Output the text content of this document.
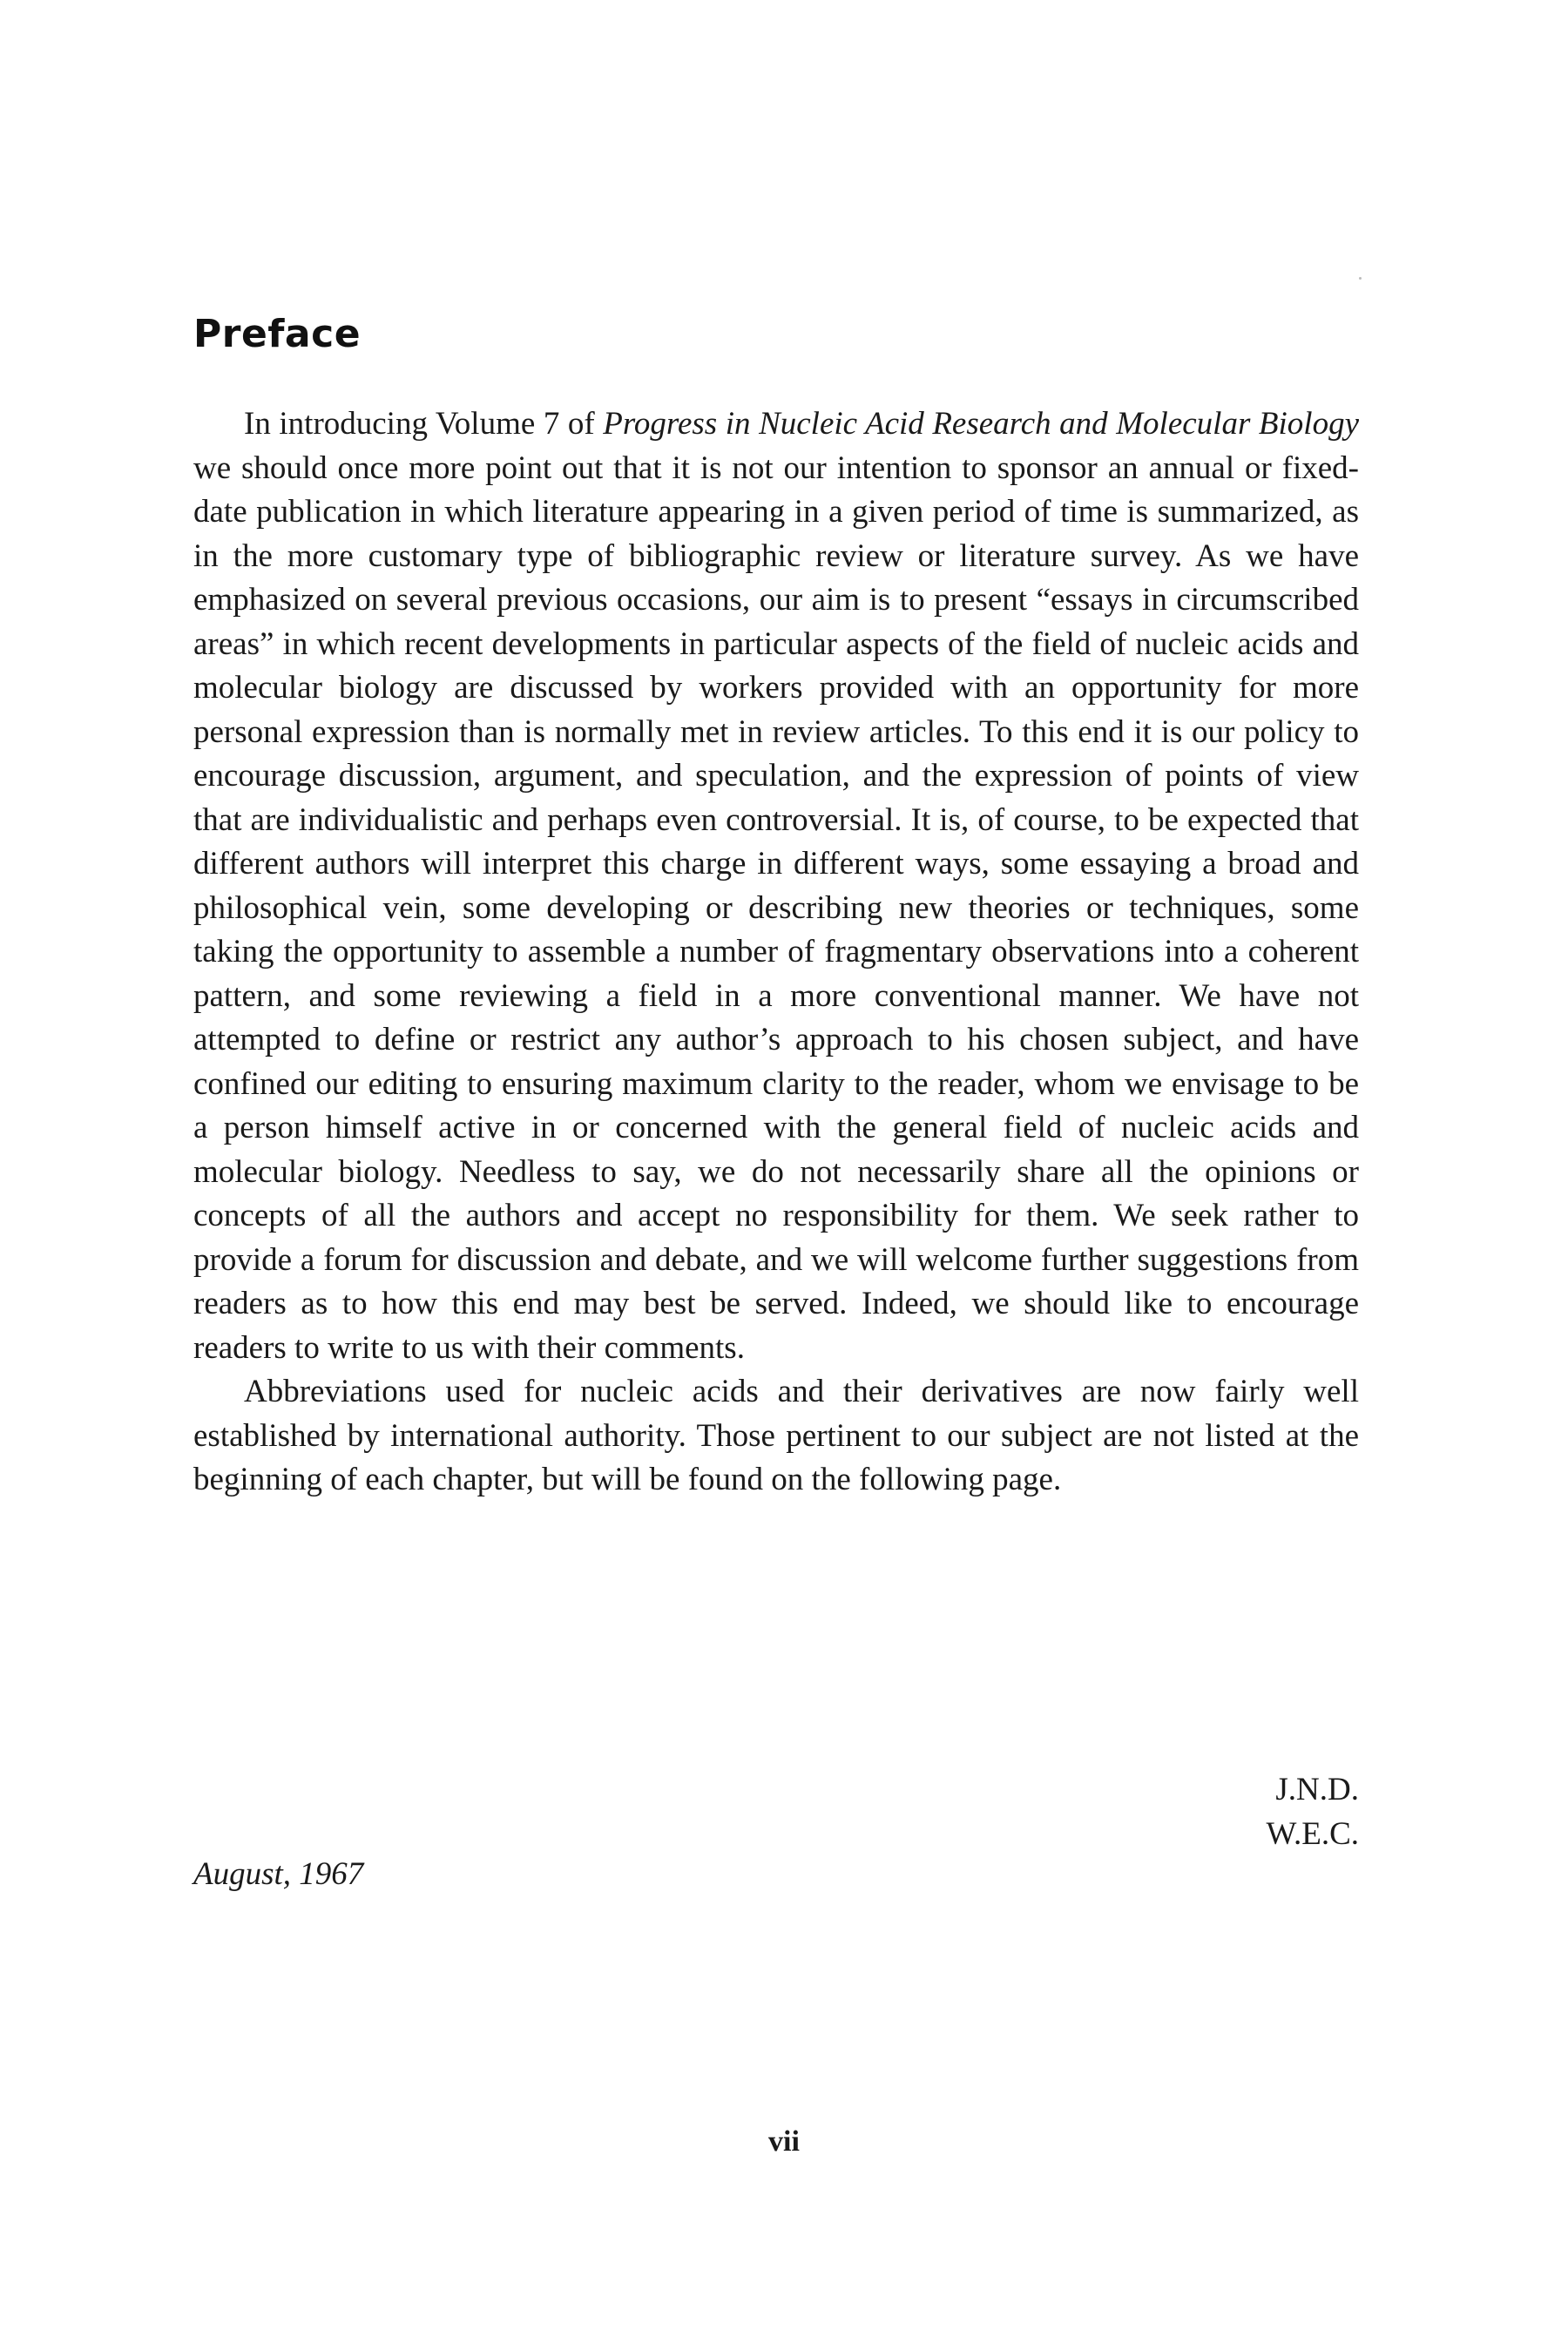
Preface

In introducing Volume 7 of Progress in Nucleic Acid Research and Molecular Biology we should once more point out that it is not our intention to sponsor an annual or fixed-date publication in which literature appearing in a given period of time is summarized, as in the more customary type of bibliographic review or literature survey. As we have emphasized on several previous occasions, our aim is to present “essays in circumscribed areas” in which recent developments in particular aspects of the field of nucleic acids and molecular biology are discussed by workers provided with an opportunity for more personal expression than is normally met in review articles. To this end it is our policy to encourage discussion, argument, and speculation, and the expression of points of view that are individualistic and perhaps even controversial. It is, of course, to be expected that different authors will interpret this charge in different ways, some essaying a broad and philosophical vein, some developing or describing new theories or techniques, some taking the opportunity to assemble a number of fragmentary observations into a coherent pattern, and some reviewing a field in a more conventional manner. We have not attempted to define or restrict any author’s approach to his chosen subject, and have confined our editing to ensuring maximum clarity to the reader, whom we envisage to be a person himself active in or concerned with the general field of nucleic acids and molecular biology. Needless to say, we do not necessarily share all the opinions or concepts of all the authors and accept no responsibility for them. We seek rather to provide a forum for discussion and debate, and we will welcome further suggestions from readers as to how this end may best be served. Indeed, we should like to encourage readers to write to us with their comments.

Abbreviations used for nucleic acids and their derivatives are now fairly well established by international authority. Those pertinent to our subject are not listed at the beginning of each chapter, but will be found on the following page.

J.N.D.
W.E.C.
August, 1967
vii
